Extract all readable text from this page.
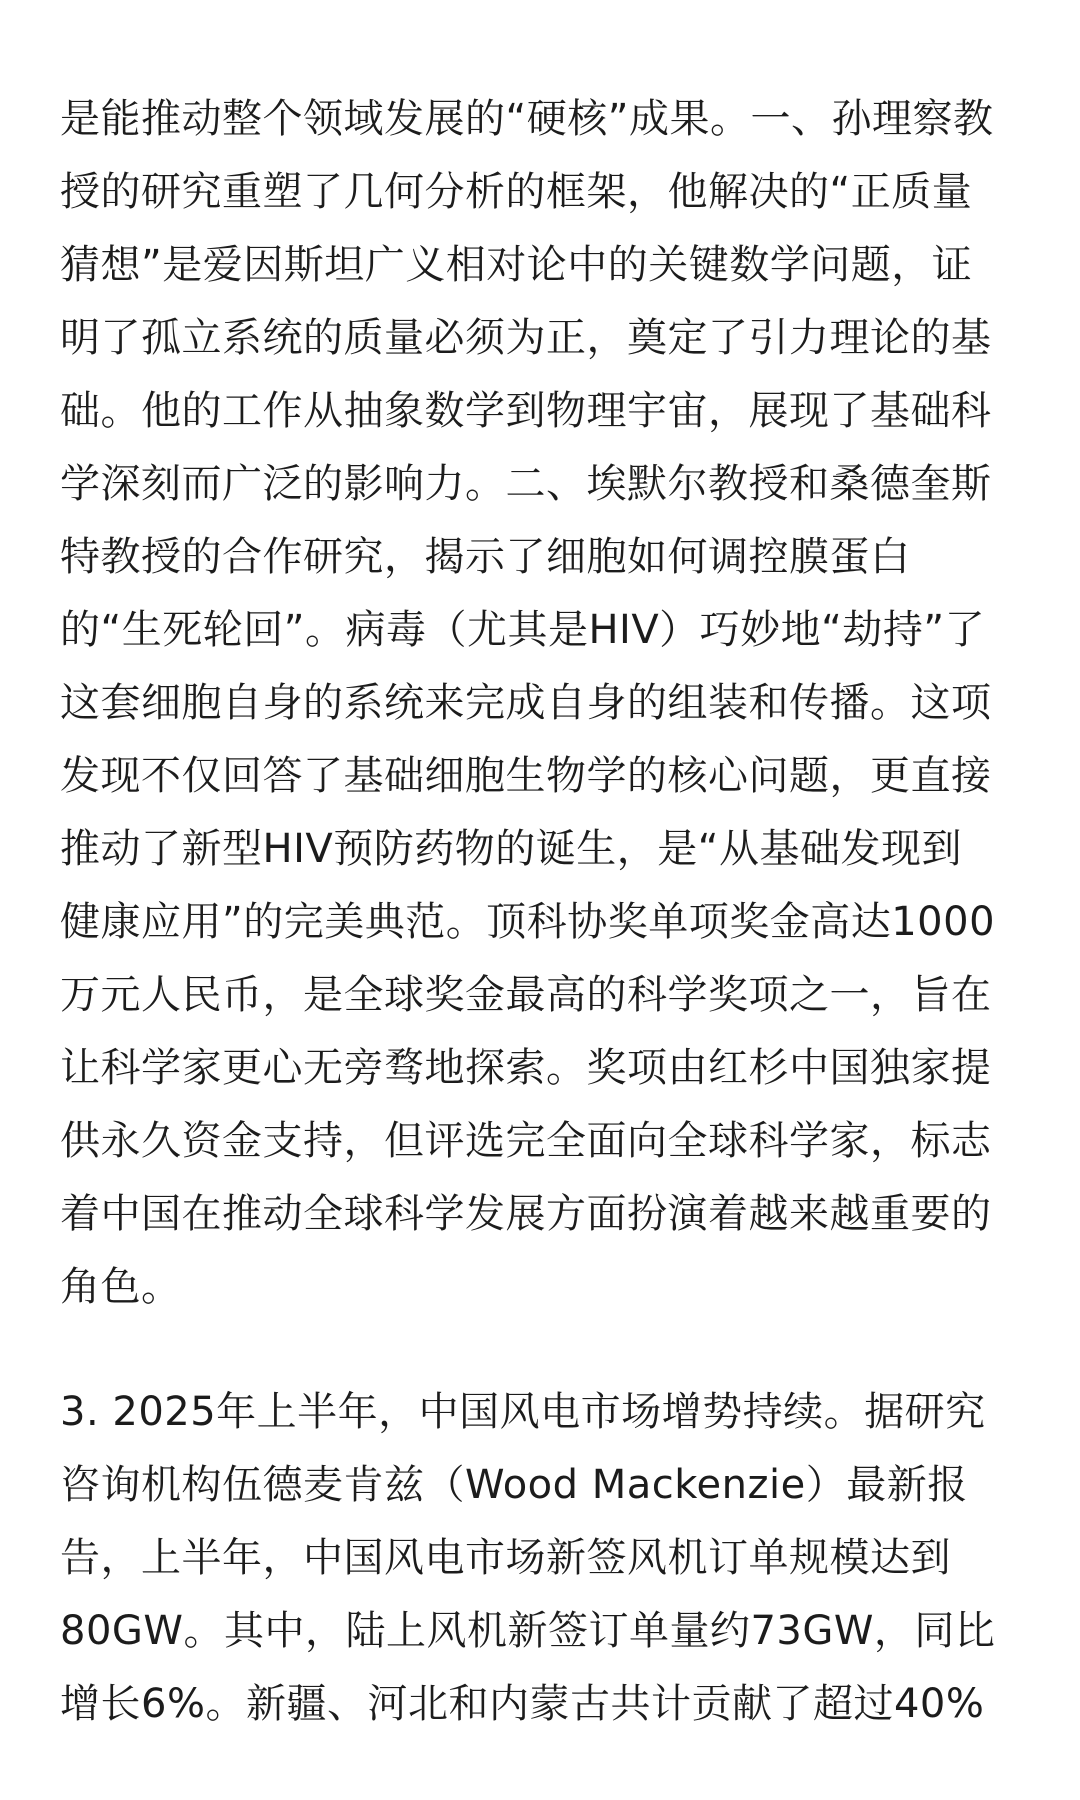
是能推动整个领域发展的“硬核”成果。一、孙理察教
授的研究重塑了几何分析的框架，他解决的“正质量
猜想”是爱因斯坦广义相对论中的关键数学问题，证
明了孤立系统的质量必须为正，奠定了引力理论的基
础。他的工作从抽象数学到物理宇宙，展现了基础科
学深刻而广泛的影响力。二、埃默尔教授和桑德奎斯
特教授的合作研究，揭示了细胞如何调控膜蛋白
的“生死轮回”。病毒（尤其是HIV）巧妙地“劫持”了
这套细胞自身的系统来完成自身的组装和传播。这项
发现不仅回答了基础细胞生物学的核心问题，更直接
推动了新型HIV预防药物的诞生，是“从基础发现到
健康应用”的完美典范。顶科协奖单项奖金高达1000
万元人民币，是全球奖金最高的科学奖项之一，旨在
让科学家更心无旁骛地探索。奖项由红杉中国独家提
供永久资金支持，但评选完全面向全球科学家，标志
着中国在推动全球科学发展方面扮演着越来越重要的
角色。
3. 2025年上半年，中国风电市场增势持续。据研究
咨询机构伍德麦肯兹（Wood Mackenzie）最新报
告，上半年，中国风电市场新签风机订单规模达到
80GW。其中，陆上风机新签订单量约73GW，同比
增长6%。新疆、河北和内蒙古共计贡献了超过40%
